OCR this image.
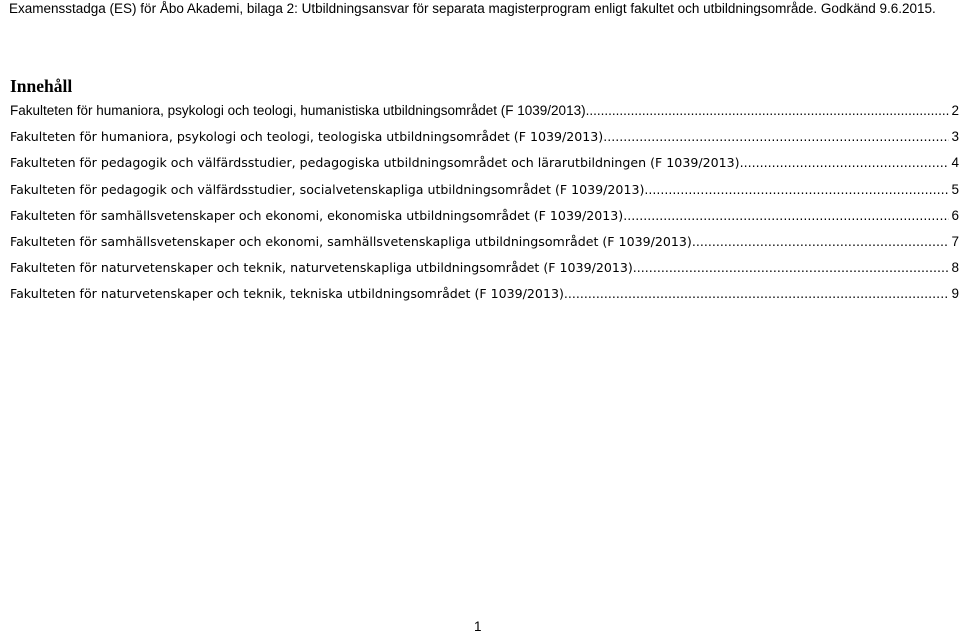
Examensstadga (ES) för Åbo Akademi, bilaga 2: Utbildningsansvar för separata magisterprogram enligt fakultet och utbildningsområde. Godkänd 9.6.2015.
Innehåll
Fakulteten för humaniora, psykologi och teologi, humanistiska utbildningsområdet (F 1039/2013) .....	2
Fakulteten för humaniora, psykologi och teologi, teologiska utbildningsområdet (F 1039/2013) .....	3
Fakulteten för pedagogik och välfärdsstudier, pedagogiska utbildningsområdet och lärarutbildningen (F 1039/2013) .....	4
Fakulteten för pedagogik och välfärdsstudier, socialvetenskapliga utbildningsområdet (F 1039/2013) .....	5
Fakulteten för samhällsvetenskaper och ekonomi, ekonomiska utbildningsområdet (F 1039/2013) .....	6
Fakulteten för samhällsvetenskaper och ekonomi, samhällsvetenskapliga utbildningsområdet (F 1039/2013) .....	7
Fakulteten för naturvetenskaper och teknik, naturvetenskapliga utbildningsområdet (F 1039/2013) .....	8
Fakulteten för naturvetenskaper och teknik, tekniska utbildningsområdet (F 1039/2013) .....	9
1
